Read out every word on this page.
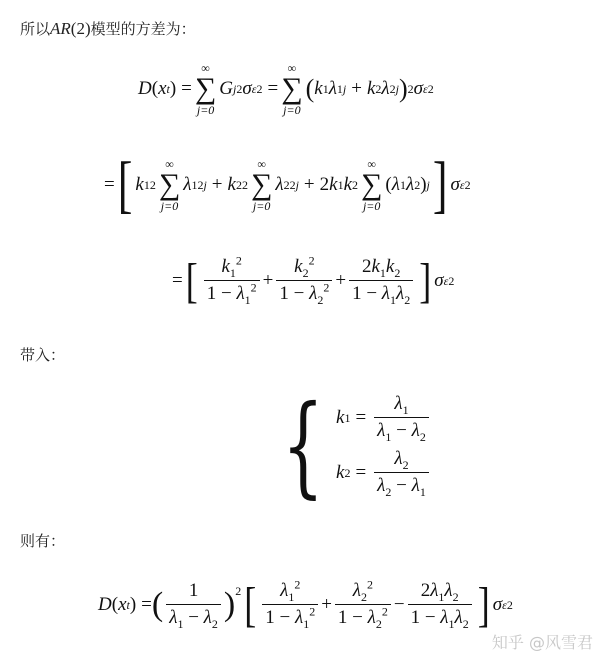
所以AR(2)模型的方差为：
D ( x t ) =
∞
∑
j=0
G j 2 σ ε 2 =
∞
∑
j=0
( k 1 λ 1 j + k 2 λ 2 j ) 2 σ ε 2
= [ k 1 2
∞
∑
j=0
λ 1 2j + k 2 2
∞
∑
j=0
λ 2 2j + 2 k 1 k 2
∞
∑
j=0
( λ 1 λ 2 ) j ] σ ε 2
= [ $\frac{k_1^2}{1 - \lambda_1^2} + \frac{k_2^2}{1 - \lambda_2^2} + \frac{2k_1k_2}{1 - \lambda_1\lambda_2}$ ] σ ε 2
带入：
{ k $1 = \frac{\lambda_1}{\lambda_1 - \lambda_2}$
k $2 = \frac{\lambda_2}{\lambda_2 - \lambda_1}$
则有：
D ( x t ) = ( $\frac{1}{\lambda_1 - \lambda_2} )^2$ [ $\frac{\lambda_1^2}{1 - \lambda_1^2} + \frac{\lambda_2^2}{1 - \lambda_2^2} - \frac{2\lambda_1\lambda_2}{1 - \lambda_1\lambda_2}$ ] σ ε 2
知乎 @风雪君
